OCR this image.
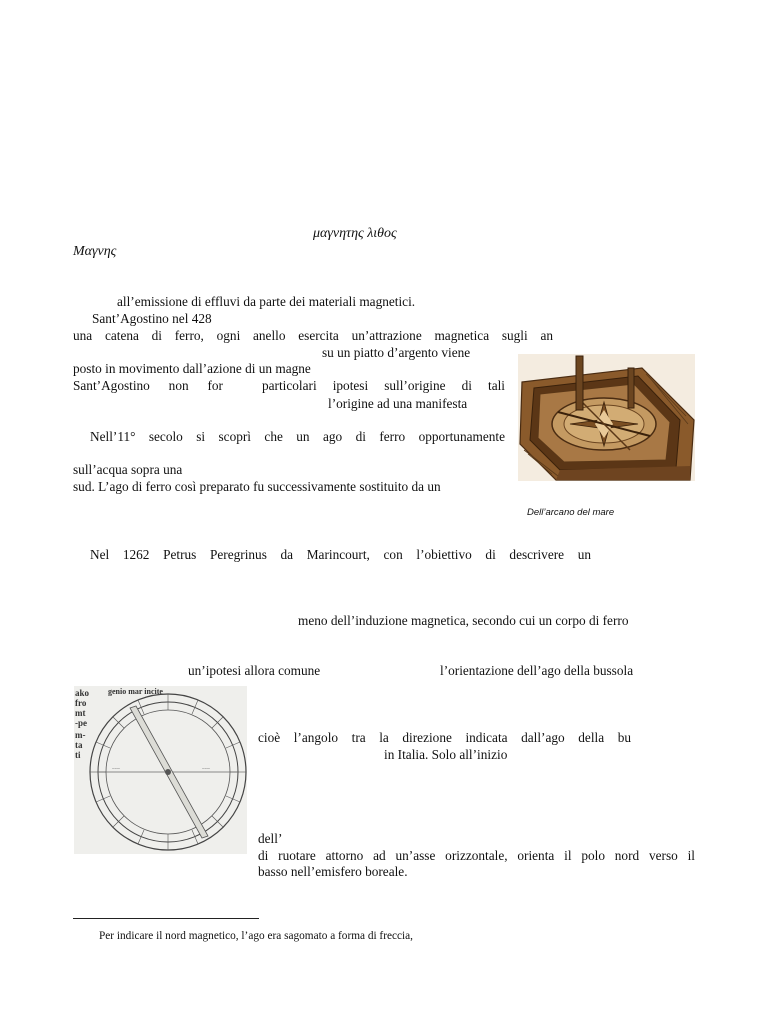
μαγνητης λιθος
Μαγνης
all’emissione di effluvi da parte dei materiali magnetici.
Sant’Agostino nel 428
una catena di ferro, ogni anello esercita un’attrazione magnetica sugli an
su un piatto d’argento viene
posto in movimento dall’azione di un magne
Sant’Agostino non for	particolari ipotesi sull’origine di tali
l’origine ad una manifesta
Nell’11° secolo si scoprì che un ago di ferro opportunamente
sull’acqua sopra una
sud. L’ago di ferro così preparato fu successivamente sostituito da un
Dell’arcano del mare
Nel 1262 Petrus Peregrinus da Marincourt, con l’obiettivo di descrivere un
meno dell’induzione magnetica, secondo cui un corpo di ferro
un’ipotesi allora comune	l’orientazione dell’ago della bussola
ako
fro
mt
-pe
m-
ta
ti
genio mar incite
~~~	~~~
cioè l’angolo tra la direzione indicata dall’ago della bu
in Italia. Solo all’inizio
dell’
di ruotare attorno ad un’asse orizzontale, orienta il polo nord verso il
basso nell’emisfero boreale.
Per indicare il nord magnetico, l’ago era sagomato a forma di freccia,
